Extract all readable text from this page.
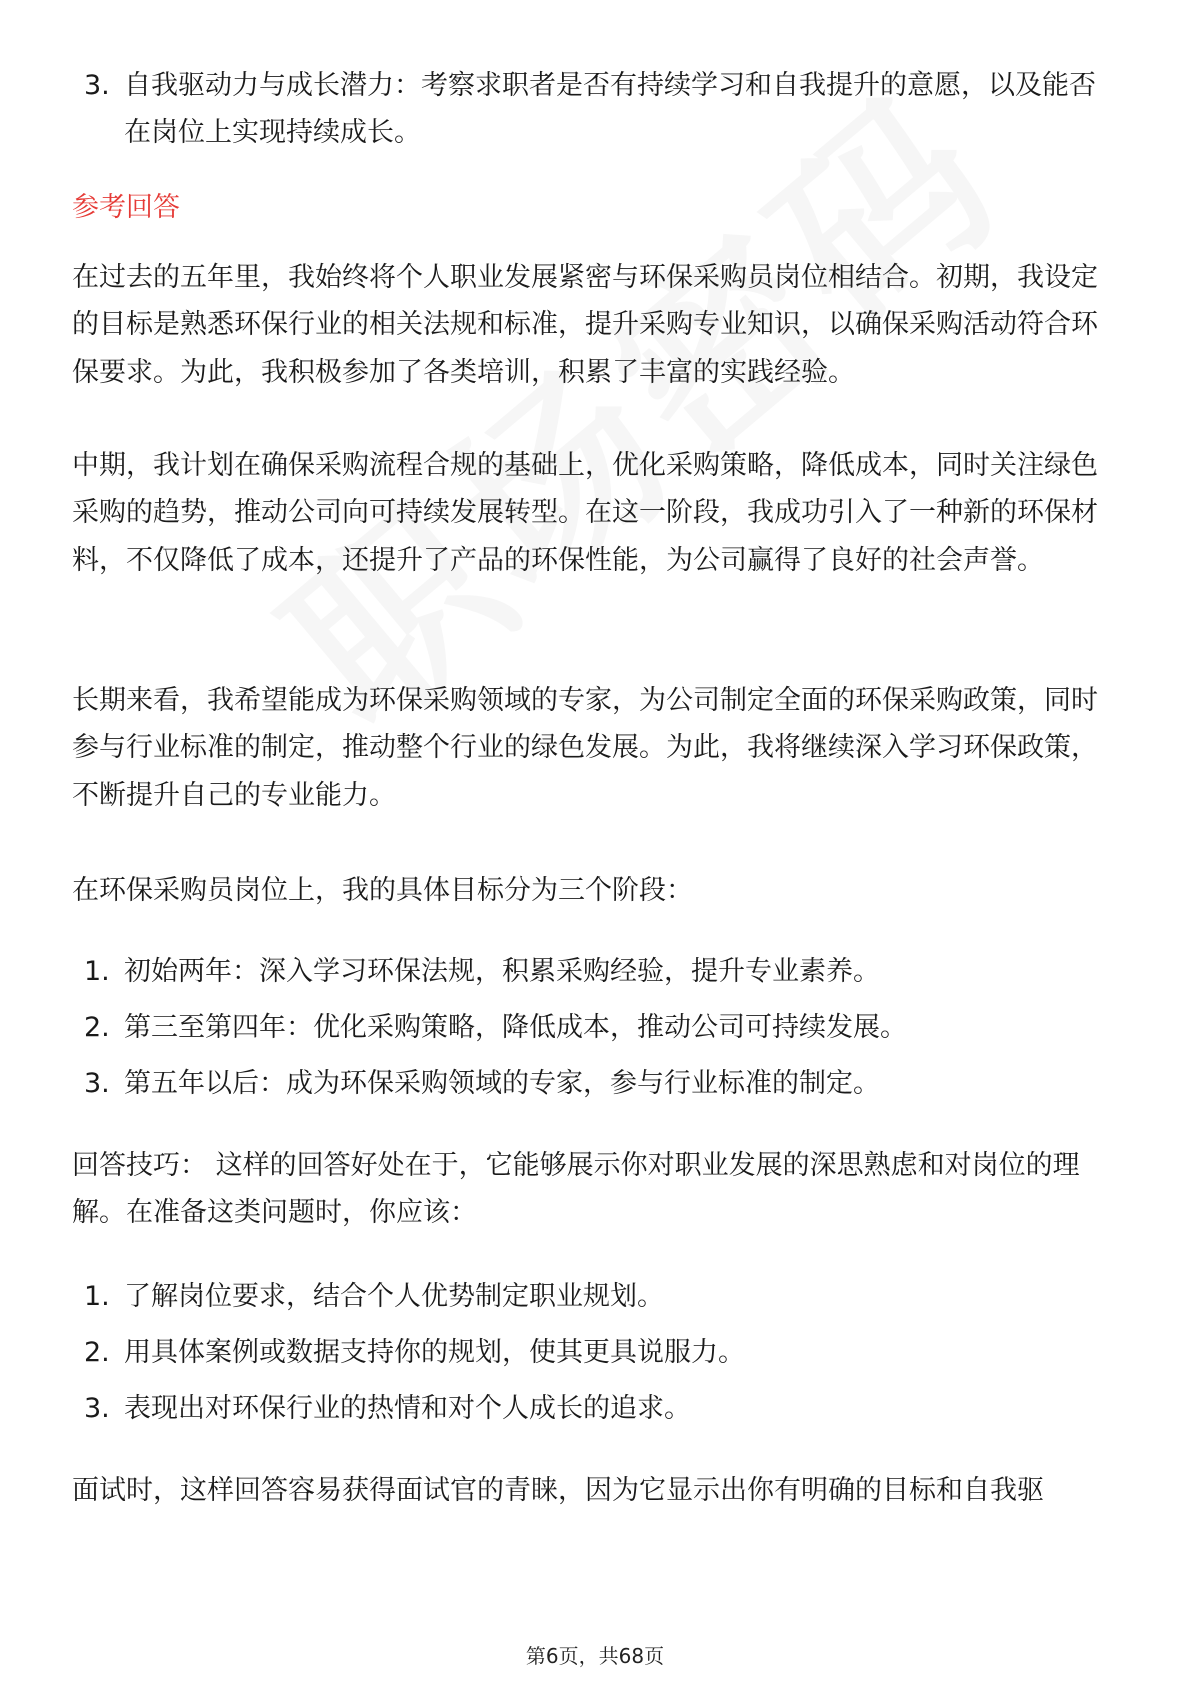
3. 自我驱动力与成长潜力：考察求职者是否有持续学习和自我提升的意愿，以及能否在岗位上实现持续成长。

参考回答

在过去的五年里，我始终将个人职业发展紧密与环保采购员岗位相结合。初期，我设定的目标是熟悉环保行业的相关法规和标准，提升采购专业知识，以确保采购活动符合环保要求。为此，我积极参加了各类培训，积累了丰富的实践经验。

中期，我计划在确保采购流程合规的基础上，优化采购策略，降低成本，同时关注绿色采购的趋势，推动公司向可持续发展转型。在这一阶段，我成功引入了一种新的环保材料，不仅降低了成本，还提升了产品的环保性能，为公司赢得了良好的社会声誉。

长期来看，我希望能成为环保采购领域的专家，为公司制定全面的环保采购政策，同时参与行业标准的制定，推动整个行业的绿色发展。为此，我将继续深入学习环保政策，不断提升自己的专业能力。

在环保采购员岗位上，我的具体目标分为三个阶段：

1. 初始两年：深入学习环保法规，积累采购经验，提升专业素养。
2. 第三至第四年：优化采购策略，降低成本，推动公司可持续发展。
3. 第五年以后：成为环保采购领域的专家，参与行业标准的制定。

回答技巧： 这样的回答好处在于，它能够展示你对职业发展的深思熟虑和对岗位的理解。在准备这类问题时，你应该：

1. 了解岗位要求，结合个人优势制定职业规划。
2. 用具体案例或数据支持你的规划，使其更具说服力。
3. 表现出对环保行业的热情和对个人成长的追求。

面试时，这样回答容易获得面试官的青睐，因为它显示出你有明确的目标和自我驱

第6页，共68页
